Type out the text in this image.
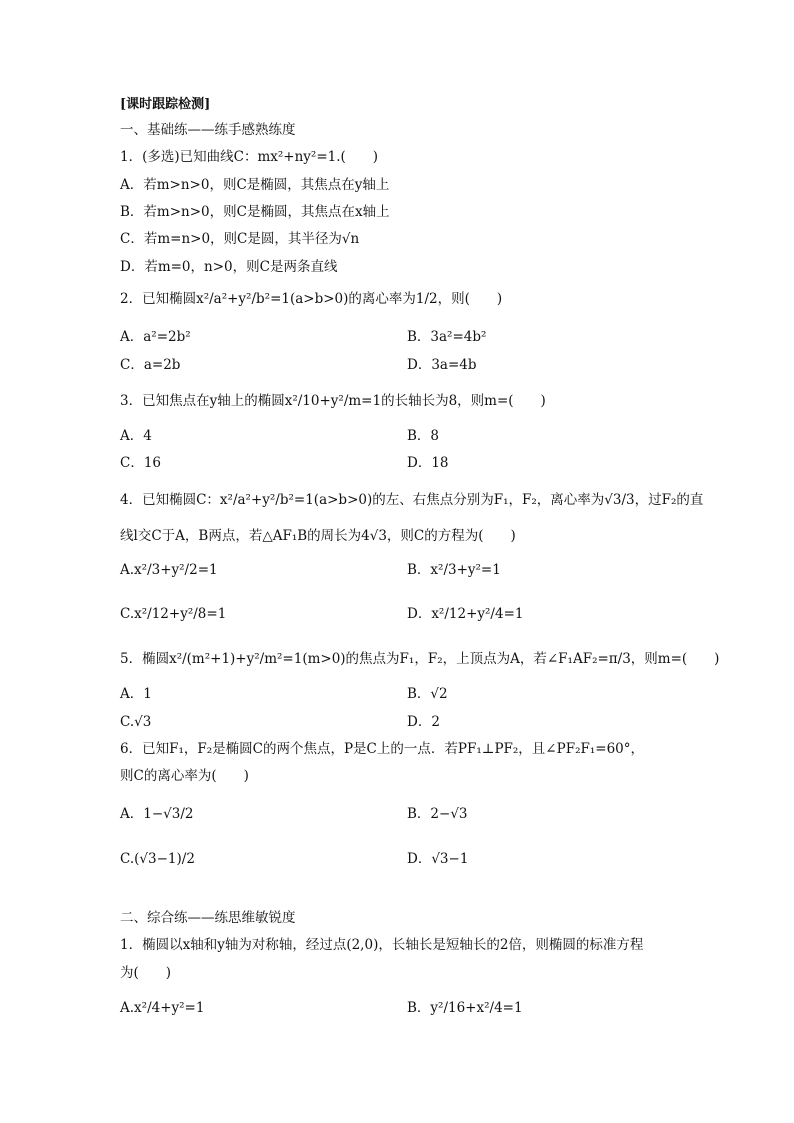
[课时跟踪检测]
一、基础练——练手感熟练度
1．(多选)已知曲线C：mx²+ny²=1.(　　)
A．若m>n>0，则C是椭圆，其焦点在y轴上
B．若m>n>0，则C是椭圆，其焦点在x轴上
C．若m=n>0，则C是圆，其半径为√n
D．若m=0，n>0，则C是两条直线
2．已知椭圆x²/a²+y²/b²=1(a>b>0)的离心率为1/2，则(　　)
A．a²=2b²	B．3a²=4b²
C．a=2b	D．3a=4b
3．已知焦点在y轴上的椭圆x²/10+y²/m=1的长轴长为8，则m=(　　)
A．4	B．8
C．16	D．18
4．已知椭圆C：x²/a²+y²/b²=1(a>b>0)的左、右焦点分别为F₁，F₂，离心率为√3/3，过F₂的直
线l交C于A，B两点，若△AF₁B的周长为4√3，则C的方程为(　　)
A.x²/3+y²/2=1	B．x²/3+y²=1
C.x²/12+y²/8=1	D．x²/12+y²/4=1
5．椭圆x²/(m²+1)+y²/m²=1(m>0)的焦点为F₁，F₂，上顶点为A，若∠F₁AF₂=π/3，则m=(　　)
A．1	B．√2
C.√3	D．2
6．已知F₁，F₂是椭圆C的两个焦点，P是C上的一点．若PF₁⊥PF₂，且∠PF₂F₁=60°，
则C的离心率为(　　)
A．1−√3/2	B．2−√3
C.(√3−1)/2	D．√3−1
二、综合练——练思维敏锐度
1．椭圆以x轴和y轴为对称轴，经过点(2,0)，长轴长是短轴长的2倍，则椭圆的标准方程
为(　　)
A.x²/4+y²=1	B．y²/16+x²/4=1
